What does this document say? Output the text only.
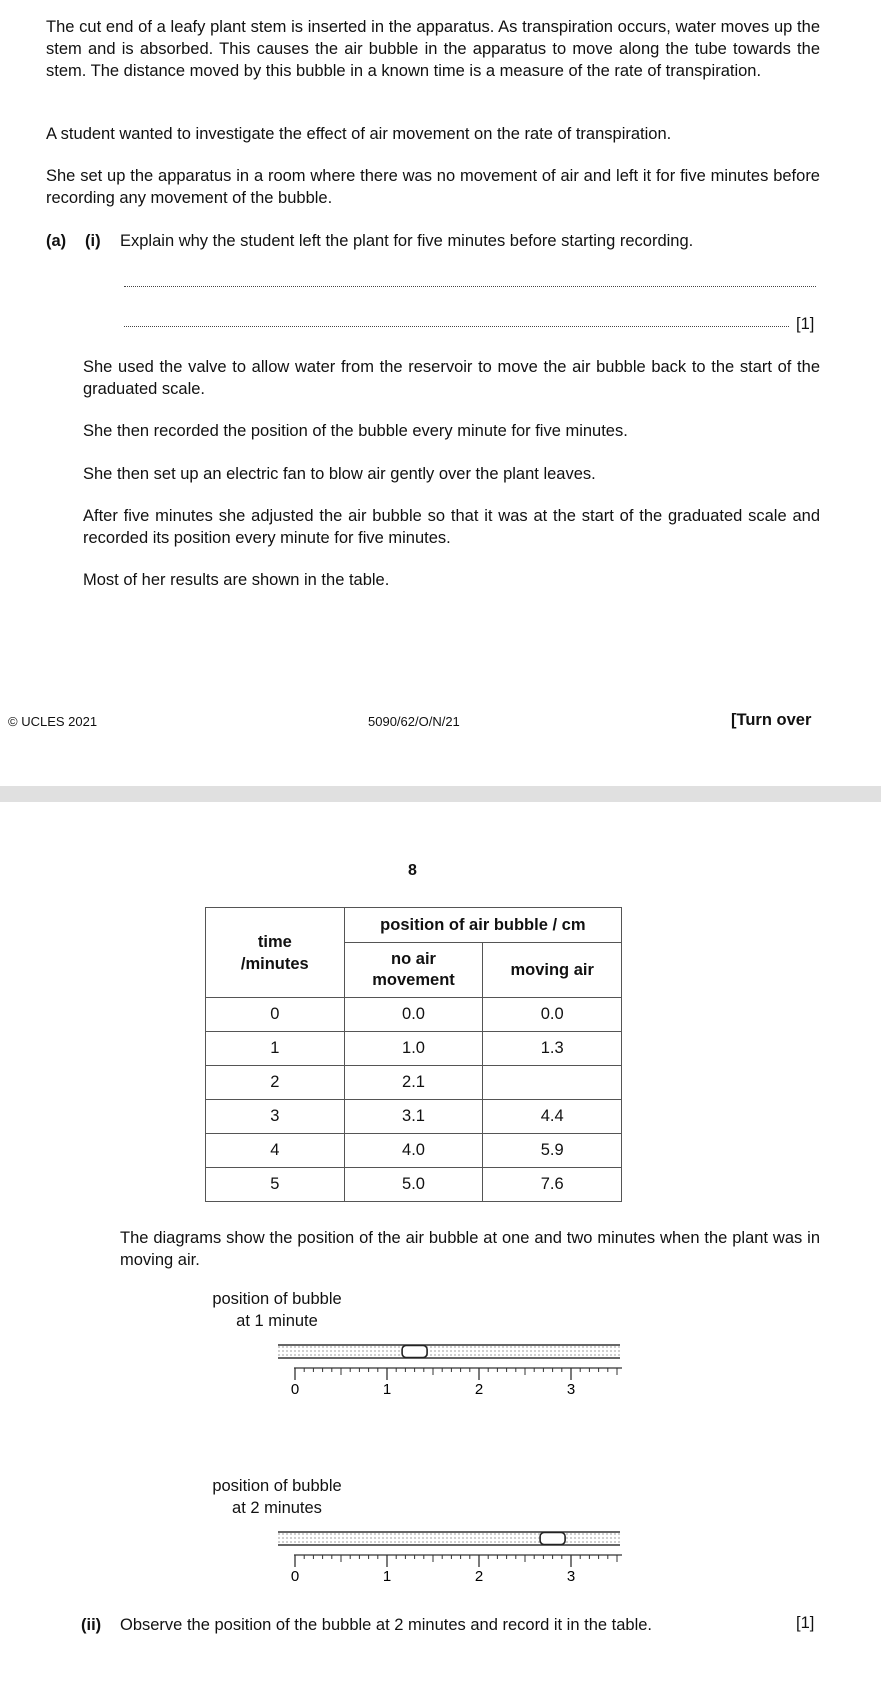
The cut end of a leafy plant stem is inserted in the apparatus. As transpiration occurs, water moves up the stem and is absorbed. This causes the air bubble in the apparatus to move along the tube towards the stem. The distance moved by this bubble in a known time is a measure of the rate of transpiration.
A student wanted to investigate the effect of air movement on the rate of transpiration.
She set up the apparatus in a room where there was no movement of air and left it for five minutes before recording any movement of the bubble.
(a) (i) Explain why the student left the plant for five minutes before starting recording.
[1]
She used the valve to allow water from the reservoir to move the air bubble back to the start of the graduated scale.
She then recorded the position of the bubble every minute for five minutes.
She then set up an electric fan to blow air gently over the plant leaves.
After five minutes she adjusted the air bubble so that it was at the start of the graduated scale and recorded its position every minute for five minutes.
Most of her results are shown in the table.
© UCLES 2021	5090/62/O/N/21	[Turn over
8
time
/minutes	position of air bubble / cm	
	no air
movement	moving air
0	0.0	0.0
1	1.0	1.3
2	2.1	
3	3.1	4.4
4	4.0	5.9
5	5.0	7.6
The diagrams show the position of the air bubble at one and two minutes when the plant was in moving air.
position of bubble
at 1 minute
0	1	2	3
position of bubble
at 2 minutes
0	1	2	3
(ii) Observe the position of the bubble at 2 minutes and record it in the table.	[1]
